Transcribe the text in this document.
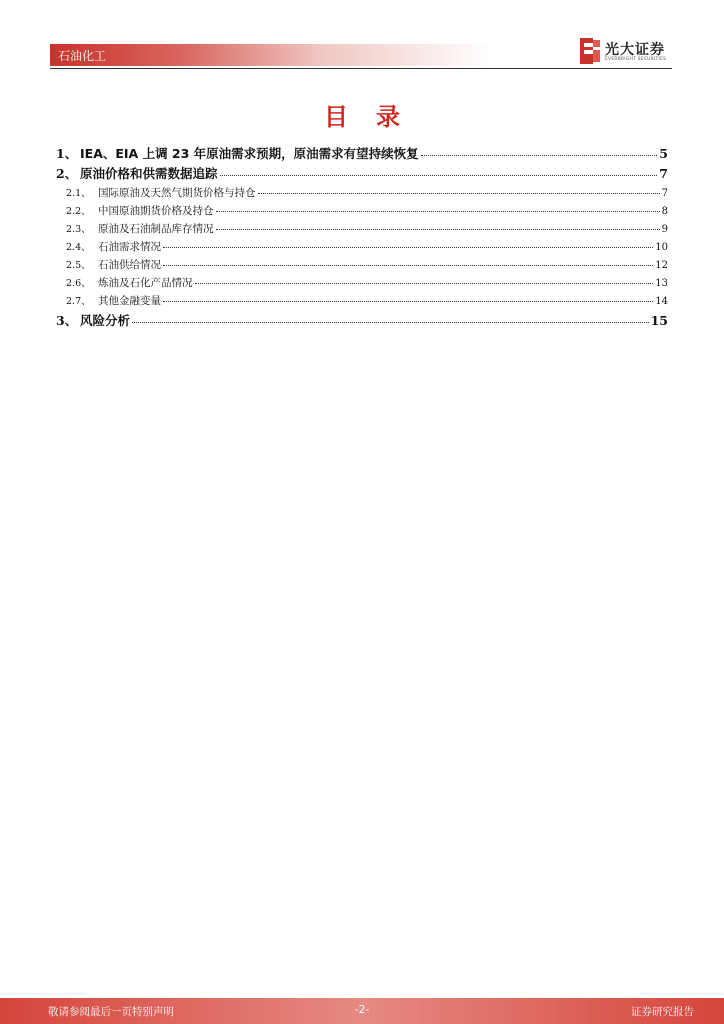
石油化工	光大证券
EVERBRIGHT SECURITIES
目录
1、 IEA、EIA 上调 23 年原油需求预期，原油需求有望持续恢复	5
2、 原油价格和供需数据追踪	7
2.1、 国际原油及天然气期货价格与持仓	7
2.2、 中国原油期货价格及持仓	8
2.3、 原油及石油制品库存情况	9
2.4、 石油需求情况	10
2.5、 石油供给情况	12
2.6、 炼油及石化产品情况	13
2.7、 其他金融变量	14
3、 风险分析	15
敬请参阅最后一页特别声明	-2-	证券研究报告
